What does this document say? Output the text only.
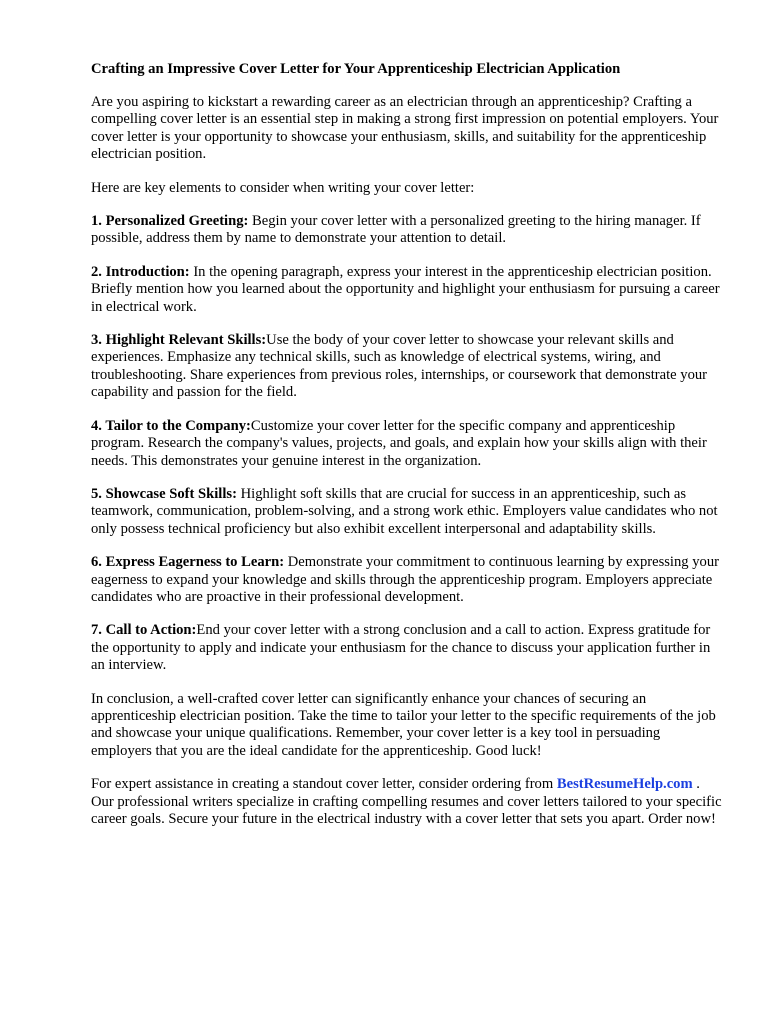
Crafting an Impressive Cover Letter for Your Apprenticeship Electrician Application

Are you aspiring to kickstart a rewarding career as an electrician through an apprenticeship? Crafting a compelling cover letter is an essential step in making a strong first impression on potential employers. Your cover letter is your opportunity to showcase your enthusiasm, skills, and suitability for the apprenticeship electrician position.

Here are key elements to consider when writing your cover letter:

1. Personalized Greeting: Begin your cover letter with a personalized greeting to the hiring manager. If possible, address them by name to demonstrate your attention to detail.

2. Introduction: In the opening paragraph, express your interest in the apprenticeship electrician position. Briefly mention how you learned about the opportunity and highlight your enthusiasm for pursuing a career in electrical work.

3. Highlight Relevant Skills:Use the body of your cover letter to showcase your relevant skills and experiences. Emphasize any technical skills, such as knowledge of electrical systems, wiring, and troubleshooting. Share experiences from previous roles, internships, or coursework that demonstrate your capability and passion for the field.

4. Tailor to the Company:Customize your cover letter for the specific company and apprenticeship program. Research the company's values, projects, and goals, and explain how your skills align with their needs. This demonstrates your genuine interest in the organization.

5. Showcase Soft Skills: Highlight soft skills that are crucial for success in an apprenticeship, such as teamwork, communication, problem-solving, and a strong work ethic. Employers value candidates who not only possess technical proficiency but also exhibit excellent interpersonal and adaptability skills.

6. Express Eagerness to Learn: Demonstrate your commitment to continuous learning by expressing your eagerness to expand your knowledge and skills through the apprenticeship program. Employers appreciate candidates who are proactive in their professional development.

7. Call to Action:End your cover letter with a strong conclusion and a call to action. Express gratitude for the opportunity to apply and indicate your enthusiasm for the chance to discuss your application further in an interview.

In conclusion, a well-crafted cover letter can significantly enhance your chances of securing an apprenticeship electrician position. Take the time to tailor your letter to the specific requirements of the job and showcase your unique qualifications. Remember, your cover letter is a key tool in persuading employers that you are the ideal candidate for the apprenticeship. Good luck!

For expert assistance in creating a standout cover letter, consider ordering from BestResumeHelp.com . Our professional writers specialize in crafting compelling resumes and cover letters tailored to your specific career goals. Secure your future in the electrical industry with a cover letter that sets you apart. Order now!
